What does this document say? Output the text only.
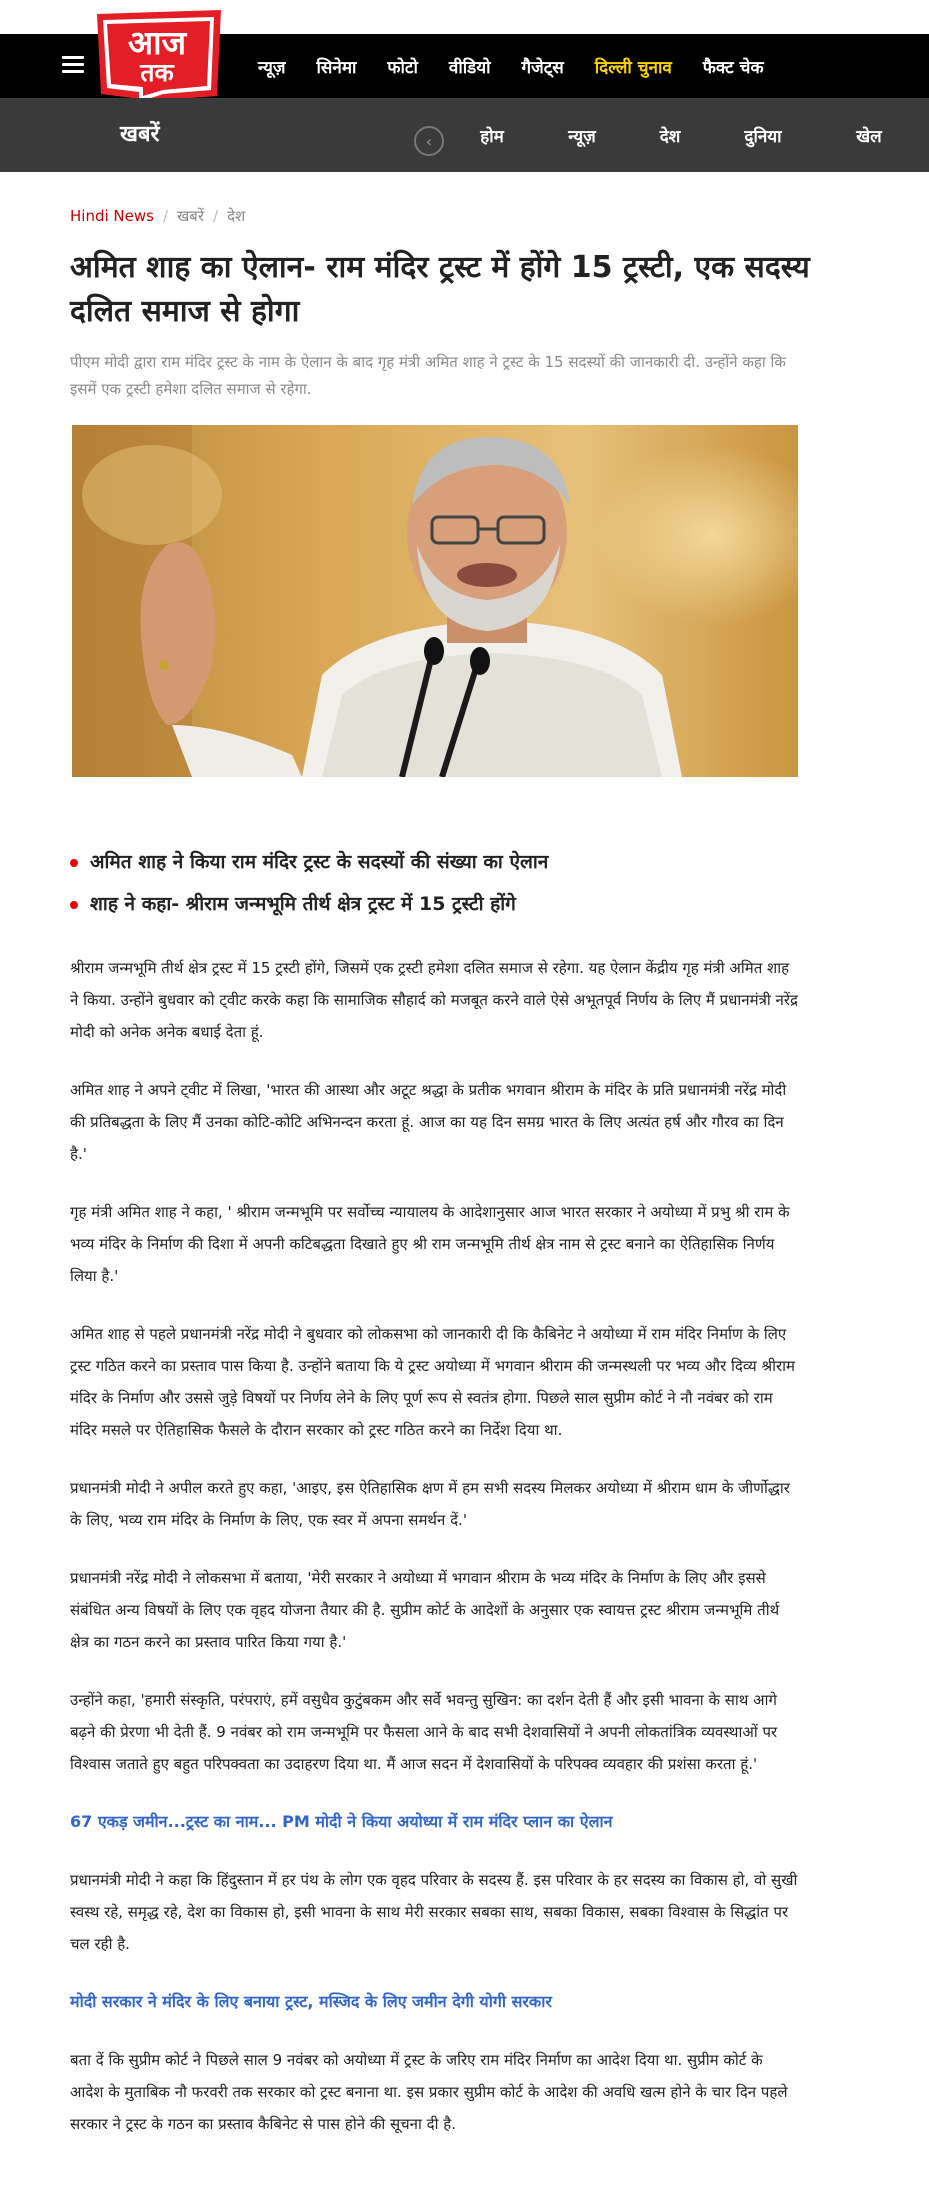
न्यूज़ सिनेमा फोटो वीडियो गैजेट्स दिल्ली चुनाव फैक्ट चेक
आज
तक
खबरें	‹	होम	न्यूज़	देश	दुनिया	खेल
Hindi News / खबरें / देश
अमित शाह का ऐलान- राम मंदिर ट्रस्ट में होंगे 15 ट्रस्टी, एक सदस्य दलित समाज से होगा

पीएम मोदी द्वारा राम मंदिर ट्रस्ट के नाम के ऐलान के बाद गृह मंत्री अमित शाह ने ट्रस्ट के 15 सदस्यों की जानकारी दी. उन्होंने कहा कि इसमें एक ट्रस्टी हमेशा दलित समाज से रहेगा.

अमित शाह ने किया राम मंदिर ट्रस्ट के सदस्यों की संख्या का ऐलान
शाह ने कहा- श्रीराम जन्मभूमि तीर्थ क्षेत्र ट्रस्ट में 15 ट्रस्टी होंगे

श्रीराम जन्मभूमि तीर्थ क्षेत्र ट्रस्ट में 15 ट्रस्टी होंगे, जिसमें एक ट्रस्टी हमेशा दलित समाज से रहेगा. यह ऐलान केंद्रीय गृह मंत्री अमित शाह ने किया. उन्होंने बुधवार को ट्वीट करके कहा कि सामाजिक सौहार्द को मजबूत करने वाले ऐसे अभूतपूर्व निर्णय के लिए मैं प्रधानमंत्री नरेंद्र मोदी को अनेक अनेक बधाई देता हूं.

अमित शाह ने अपने ट्वीट में लिखा, 'भारत की आस्था और अटूट श्रद्धा के प्रतीक भगवान श्रीराम के मंदिर के प्रति प्रधानमंत्री नरेंद्र मोदी की प्रतिबद्धता के लिए मैं उनका कोटि-कोटि अभिनन्दन करता हूं. आज का यह दिन समग्र भारत के लिए अत्यंत हर्ष और गौरव का दिन है.'

गृह मंत्री अमित शाह ने कहा, ' श्रीराम जन्मभूमि पर सर्वोच्च न्यायालय के आदेशानुसार आज भारत सरकार ने अयोध्या में प्रभु श्री राम के भव्य मंदिर के निर्माण की दिशा में अपनी कटिबद्धता दिखाते हुए श्री राम जन्मभूमि तीर्थ क्षेत्र नाम से ट्रस्ट बनाने का ऐतिहासिक निर्णय लिया है.'

अमित शाह से पहले प्रधानमंत्री नरेंद्र मोदी ने बुधवार को लोकसभा को जानकारी दी कि कैबिनेट ने अयोध्या में राम मंदिर निर्माण के लिए ट्रस्ट गठित करने का प्रस्ताव पास किया है. उन्होंने बताया कि ये ट्रस्ट अयोध्या में भगवान श्रीराम की जन्मस्थली पर भव्य और दिव्य श्रीराम मंदिर के निर्माण और उससे जुड़े विषयों पर निर्णय लेने के लिए पूर्ण रूप से स्वतंत्र होगा. पिछले साल सुप्रीम कोर्ट ने नौ नवंबर को राम मंदिर मसले पर ऐतिहासिक फैसले के दौरान सरकार को ट्रस्ट गठित करने का निर्देश दिया था.

प्रधानमंत्री मोदी ने अपील करते हुए कहा, 'आइए, इस ऐतिहासिक क्षण में हम सभी सदस्य मिलकर अयोध्या में श्रीराम धाम के जीर्णोद्धार के लिए, भव्य राम मंदिर के निर्माण के लिए, एक स्वर में अपना समर्थन दें.'

प्रधानमंत्री नरेंद्र मोदी ने लोकसभा में बताया, 'मेरी सरकार ने अयोध्या में भगवान श्रीराम के भव्य मंदिर के निर्माण के लिए और इससे संबंधित अन्य विषयों के लिए एक वृहद योजना तैयार की है. सुप्रीम कोर्ट के आदेशों के अनुसार एक स्वायत्त ट्रस्ट श्रीराम जन्मभूमि तीर्थ क्षेत्र का गठन करने का प्रस्ताव पारित किया गया है.'

उन्होंने कहा, 'हमारी संस्कृति, परंपराएं, हमें वसुधैव कुटुंबकम और सर्वे भवन्तु सुखिन: का दर्शन देती हैं और इसी भावना के साथ आगे बढ़ने की प्रेरणा भी देती हैं. 9 नवंबर को राम जन्मभूमि पर फैसला आने के बाद सभी देशवासियों ने अपनी लोकतांत्रिक व्यवस्थाओं पर विश्वास जताते हुए बहुत परिपक्वता का उदाहरण दिया था. मैं आज सदन में देशवासियों के परिपक्व व्यवहार की प्रशंसा करता हूं.'

67 एकड़ जमीन...ट्रस्ट का नाम... PM मोदी ने किया अयोध्या में राम मंदिर प्लान का ऐलान

प्रधानमंत्री मोदी ने कहा कि हिंदुस्तान में हर पंथ के लोग एक वृहद परिवार के सदस्य हैं. इस परिवार के हर सदस्य का विकास हो, वो सुखी स्वस्थ रहे, समृद्ध रहे, देश का विकास हो, इसी भावना के साथ मेरी सरकार सबका साथ, सबका विकास, सबका विश्वास के सिद्धांत पर चल रही है.

मोदी सरकार ने मंदिर के लिए बनाया ट्रस्ट, मस्जिद के लिए जमीन देगी योगी सरकार

बता दें कि सुप्रीम कोर्ट ने पिछले साल 9 नवंबर को अयोध्या में ट्रस्ट के जरिए राम मंदिर निर्माण का आदेश दिया था. सुप्रीम कोर्ट के आदेश के मुताबिक नौ फरवरी तक सरकार को ट्रस्ट बनाना था. इस प्रकार सुप्रीम कोर्ट के आदेश की अवधि खत्म होने के चार दिन पहले सरकार ने ट्रस्ट के गठन का प्रस्ताव कैबिनेट से पास होने की सूचना दी है.
